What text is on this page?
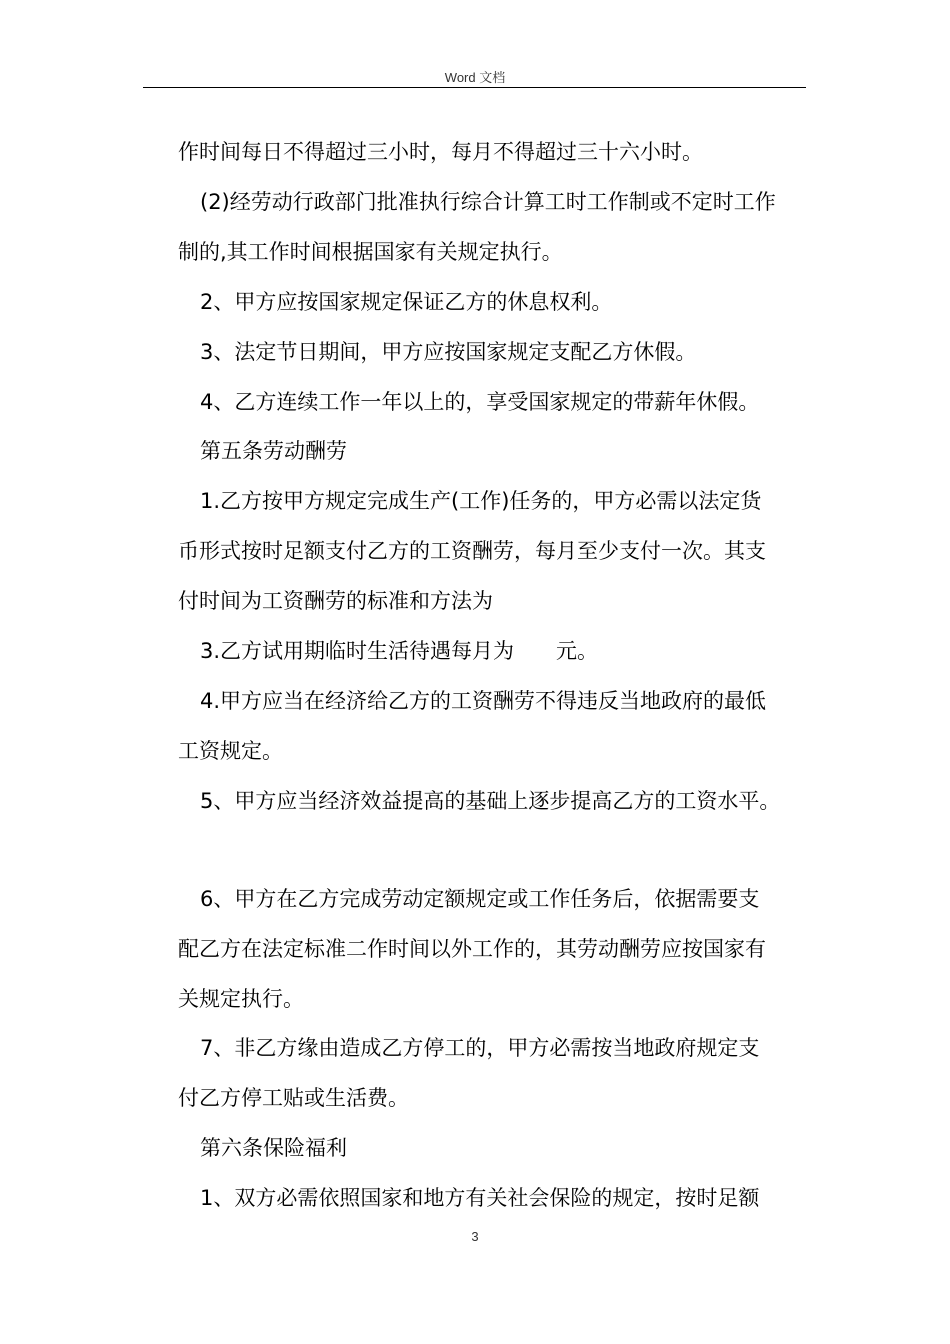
Word 文档
作时间每日不得超过三小时，每月不得超过三十六小时。
(2)经劳动行政部门批准执行综合计算工时工作制或不定时工作
制的,其工作时间根据国家有关规定执行。
2、甲方应按国家规定保证乙方的休息权利。
3、法定节日期间，甲方应按国家规定支配乙方休假。
4、乙方连续工作一年以上的，享受国家规定的带薪年休假。
第五条劳动酬劳
1.乙方按甲方规定完成生产(工作)任务的，甲方必需以法定货
币形式按时足额支付乙方的工资酬劳，每月至少支付一次。其支
付时间为工资酬劳的标准和方法为
3.乙方试用期临时生活待遇每月为　　元。
4.甲方应当在经济给乙方的工资酬劳不得违反当地政府的最低
工资规定。
5、甲方应当经济效益提高的基础上逐步提高乙方的工资水平。
6、甲方在乙方完成劳动定额规定或工作任务后，依据需要支
配乙方在法定标准二作时间以外工作的，其劳动酬劳应按国家有
关规定执行。
7、非乙方缘由造成乙方停工的，甲方必需按当地政府规定支
付乙方停工贴或生活费。
第六条保险福利
1、双方必需依照国家和地方有关社会保险的规定，按时足额
3
